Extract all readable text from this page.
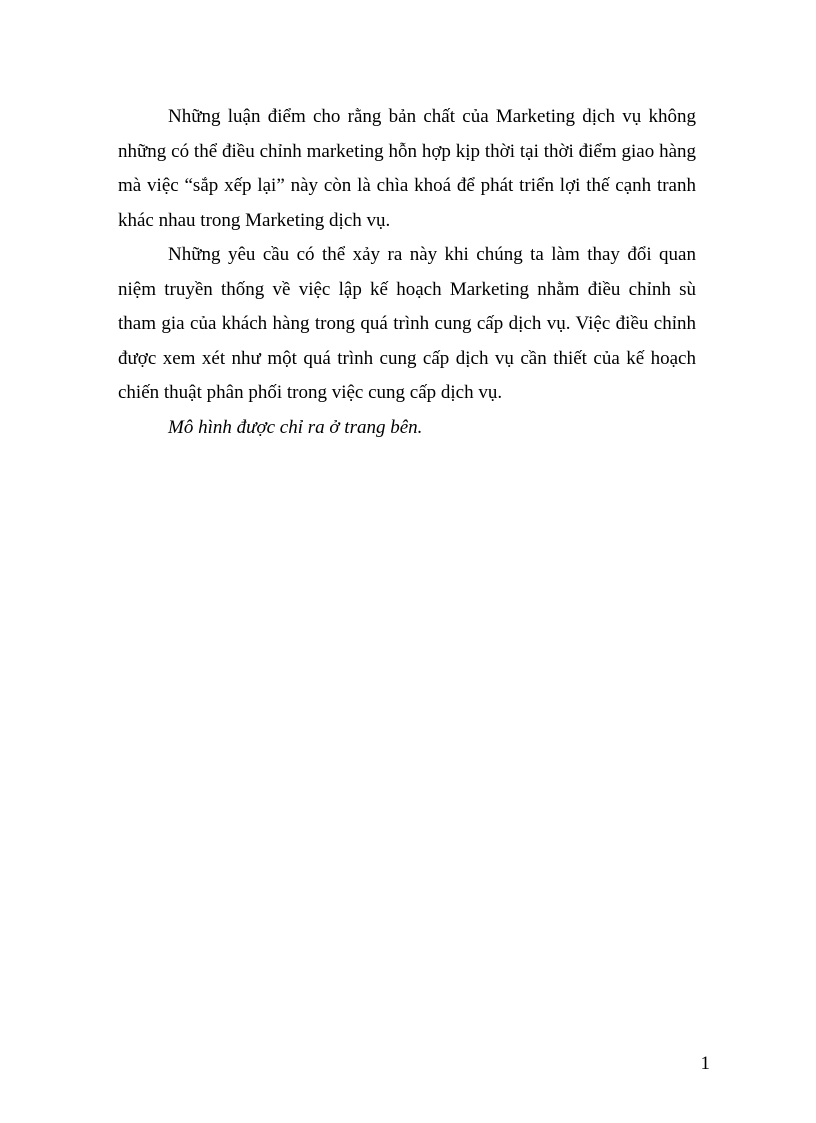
Những luận điểm cho rằng bản chất của Marketing dịch vụ không những có thể điều chỉnh marketing hỗn hợp kịp thời tại thời điểm giao hàng mà việc “sắp xếp lại” này còn là chìa khoá để phát triển lợi thế cạnh tranh khác nhau trong Marketing dịch vụ.

Những yêu cầu có thể xảy ra này khi chúng ta làm thay đổi quan niệm truyền thống về việc lập kế hoạch Marketing nhằm điều chỉnh sù tham gia của khách hàng trong quá trình cung cấp dịch vụ. Việc điều chỉnh được xem xét như một quá trình cung cấp dịch vụ cần thiết của kế hoạch chiến thuật phân phối trong việc cung cấp dịch vụ.

Mô hình được chỉ ra ở trang bên.

1
